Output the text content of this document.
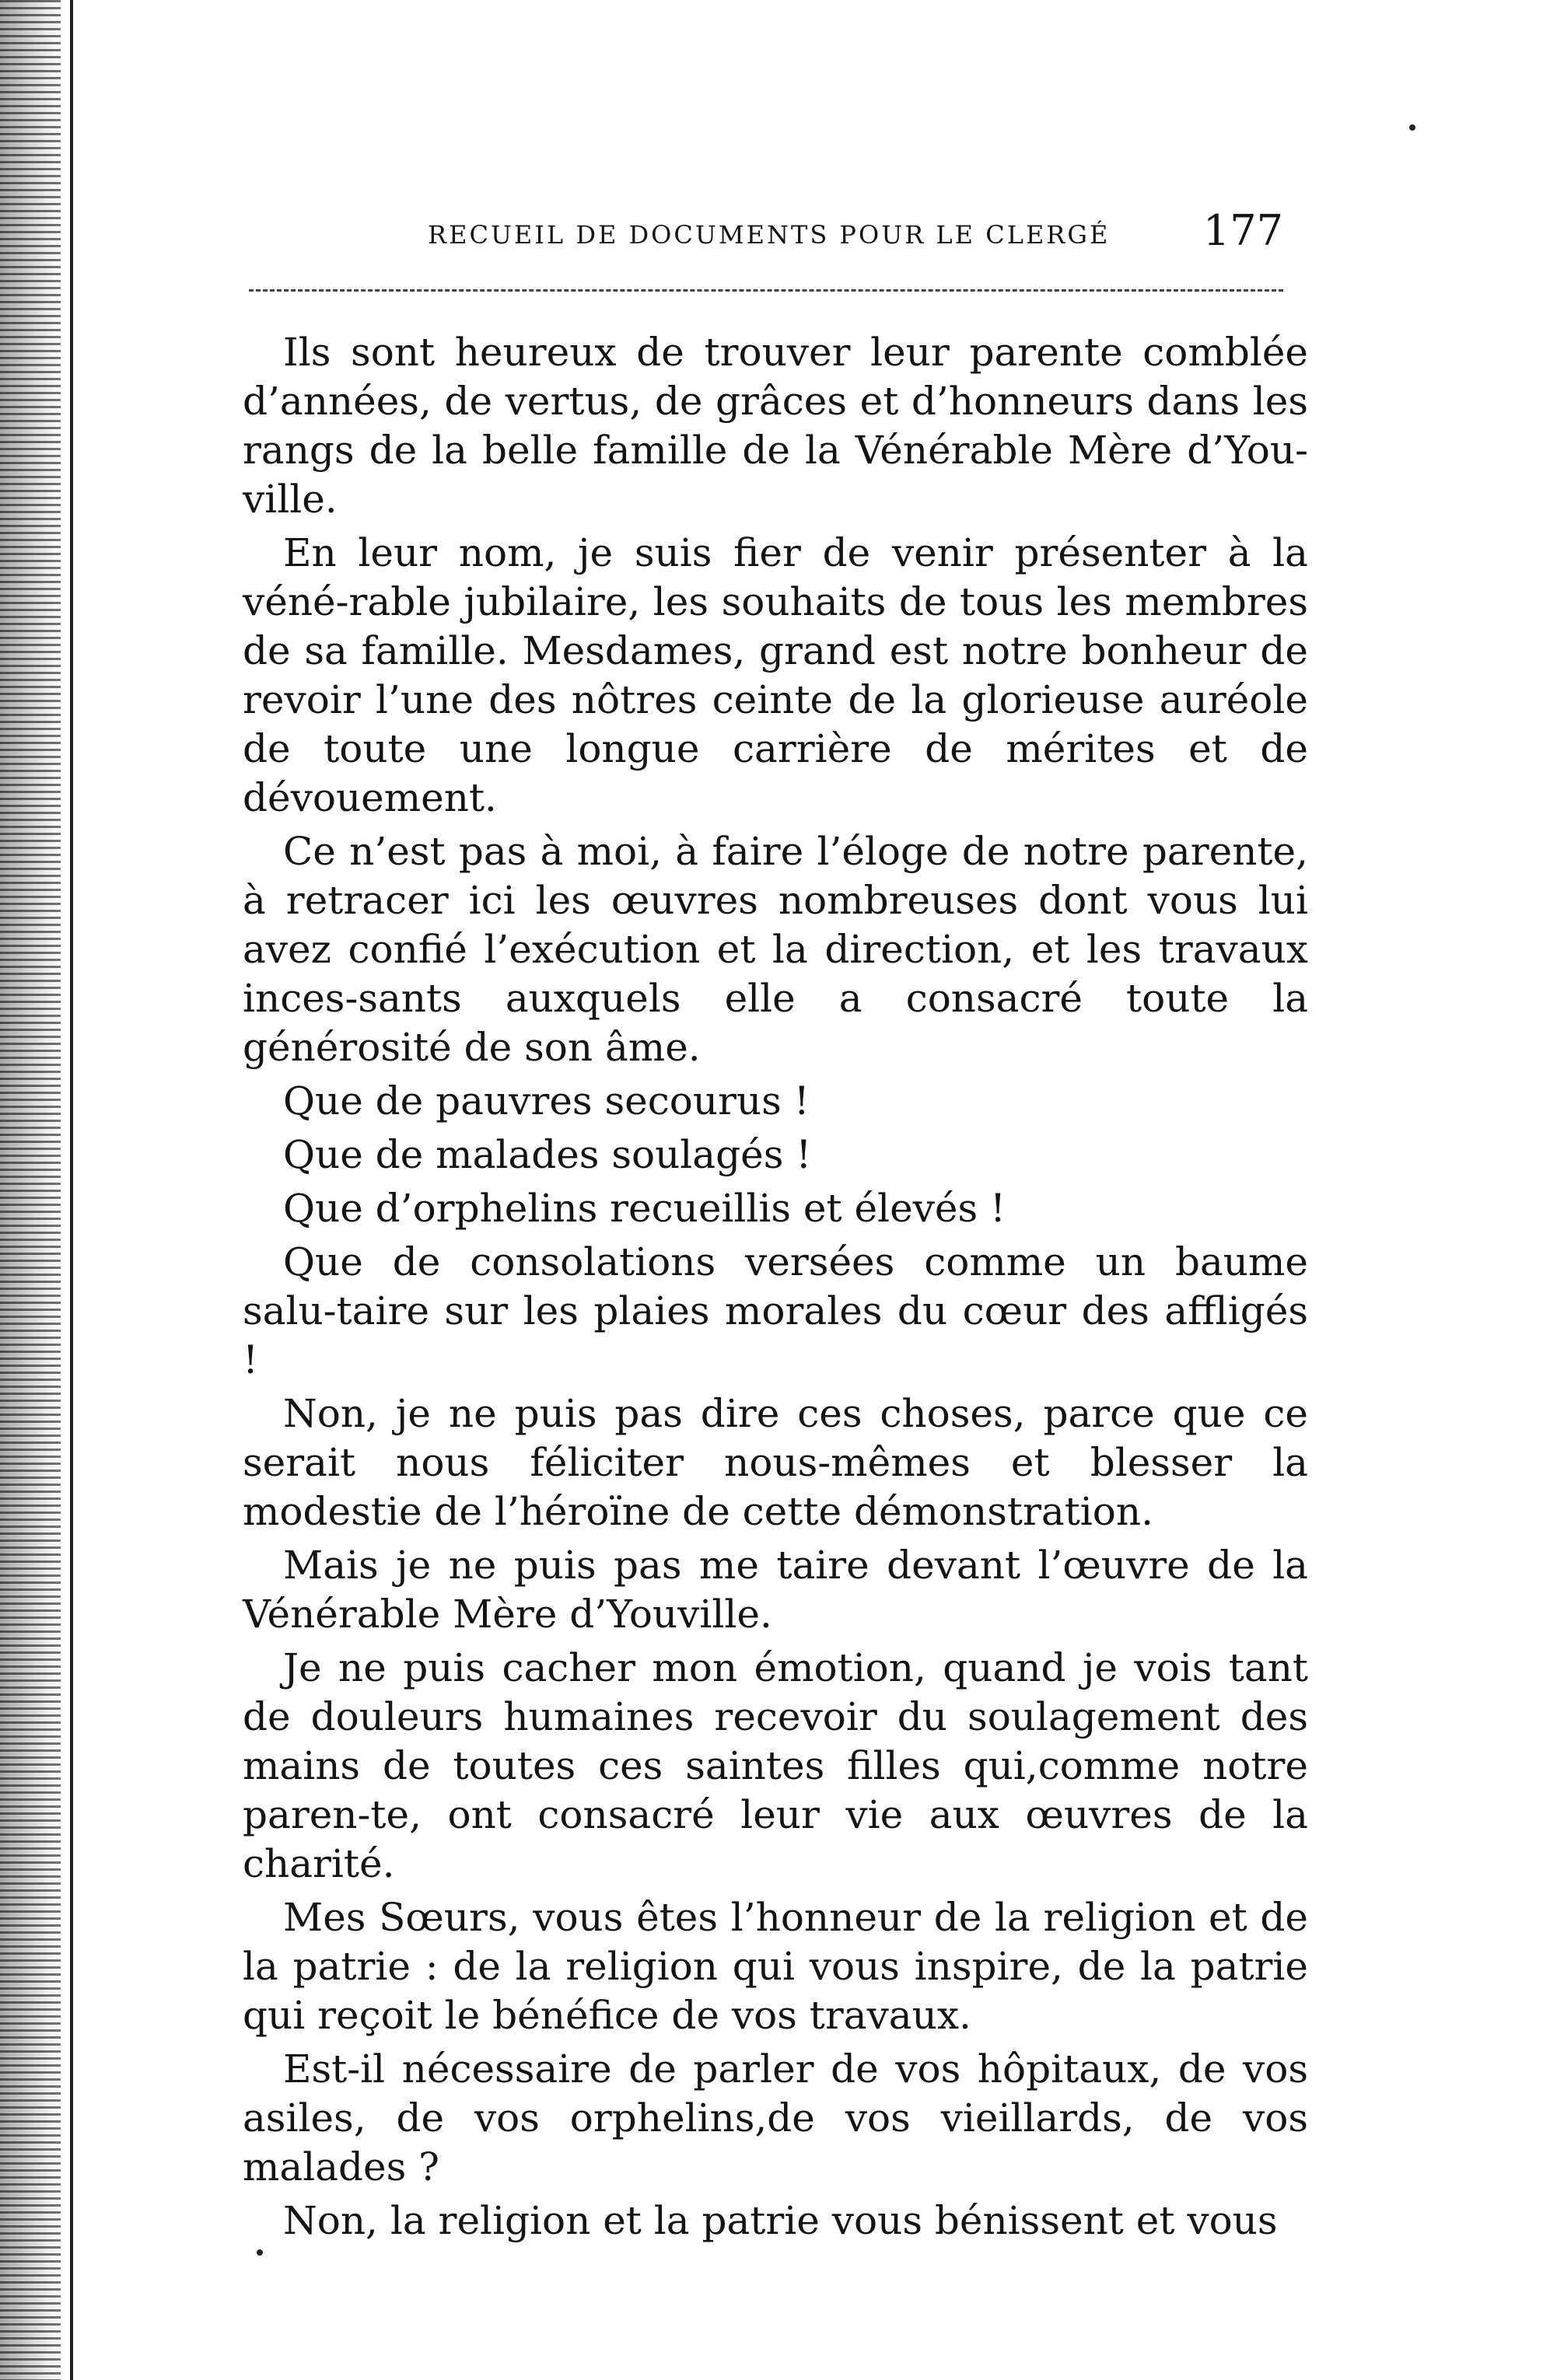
RECUEIL DE DOCUMENTS POUR LE CLERGÉ 177

Ils sont heureux de trouver leur parente comblée d’années, de vertus, de grâces et d’honneurs dans les rangs de la belle famille de la Vénérable Mère d’You-ville.

En leur nom, je suis fier de venir présenter à la véné-rable jubilaire, les souhaits de tous les membres de sa famille. Mesdames, grand est notre bonheur de revoir l’une des nôtres ceinte de la glorieuse auréole de toute une longue carrière de mérites et de dévouement.

Ce n’est pas à moi, à faire l’éloge de notre parente, à retracer ici les œuvres nombreuses dont vous lui avez confié l’exécution et la direction, et les travaux inces-sants auxquels elle a consacré toute la générosité de son âme.

Que de pauvres secourus !

Que de malades soulagés !

Que d’orphelins recueillis et élevés !

Que de consolations versées comme un baume salu-taire sur les plaies morales du cœur des affligés !

Non, je ne puis pas dire ces choses, parce que ce serait nous féliciter nous-mêmes et blesser la modestie de l’héroïne de cette démonstration.

Mais je ne puis pas me taire devant l’œuvre de la Vénérable Mère d’Youville.

Je ne puis cacher mon émotion, quand je vois tant de douleurs humaines recevoir du soulagement des mains de toutes ces saintes filles qui,comme notre paren-te, ont consacré leur vie aux œuvres de la charité.

Mes Sœurs, vous êtes l’honneur de la religion et de la patrie : de la religion qui vous inspire, de la patrie qui reçoit le bénéfice de vos travaux.

Est-il nécessaire de parler de vos hôpitaux, de vos asiles, de vos orphelins,de vos vieillards, de vos malades ?

Non, la religion et la patrie vous bénissent et vous
